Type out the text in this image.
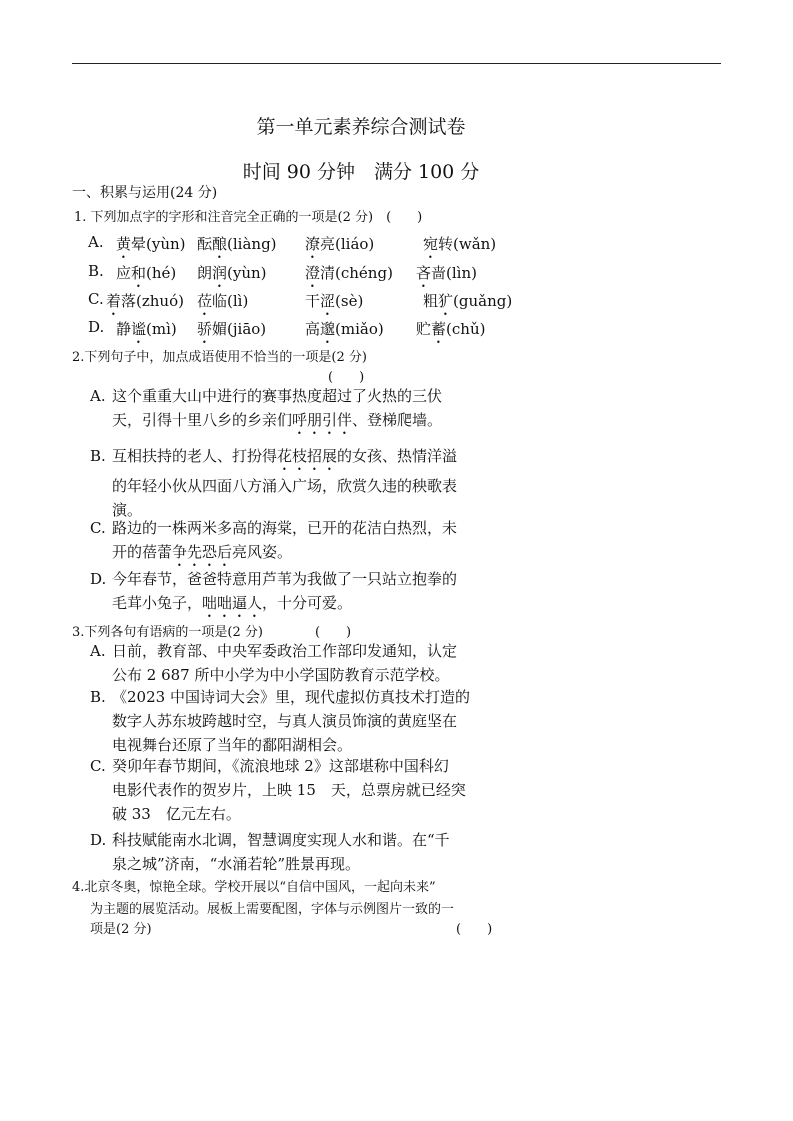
第一单元素养综合测试卷
时间 90 分钟　满分 100 分
一、积累与运用(24 分)
1. 下列加点字的字形和注音完全正确的一项是(2 分)　(　　)
A. 黄晕(yùn) 酝酿(liàng) 潦亮(liáo)	宛转(wǎn)
B. 应和(hé) 朗润(yùn)	澄清(chéng) 吝啬(lìn)
C. 着落(zhuó) 莅临(lì)	干涩(sè)	粗犷(guǎng)
D. 静谧(mì) 骄媚(jiāo)	高邈(miǎo) 贮蓄(chǔ)
2.下列句子中，加点成语使用不恰当的一项是(2 分)
(　　)
A. 这个重重大山中进行的赛事热度超过了火热的三伏
天，引得十里八乡的乡亲们呼朋引伴、登梯爬墙。
B. 互相扶持的老人、打扮得花枝招展的女孩、热情洋溢
的年轻小伙从四面八方涌入广场，欣赏久违的秧歌表
演。
C. 路边的一株两米多高的海棠，已开的花洁白热烈，未
开的蓓蕾争先恐后亮风姿。
D. 今年春节，爸爸特意用芦苇为我做了一只站立抱拳的
毛茸小兔子，咄咄逼人，十分可爱。
3.下列各句有语病的一项是(2 分)　　　　(　　)
A. 日前，教育部、中央军委政治工作部印发通知，认定
公布 2 687 所中小学为中小学国防教育示范学校。
B. 《2023 中国诗词大会》里，现代虚拟仿真技术打造的
数字人苏东坡跨越时空，与真人演员饰演的黄庭坚在
电视舞台还原了当年的鄱阳湖相会。
C. 癸卯年春节期间，《流浪地球 2》这部堪称中国科幻
电影代表作的贺岁片，上映 15　天，总票房就已经突
破 33　亿元左右。
D. 科技赋能南水北调，智慧调度实现人水和谐。在“千
泉之城”济南，“水涌若轮”胜景再现。
4.北京冬奥，惊艳全球。学校开展以“自信中国风，一起向未来”
为主题的展览活动。展板上需要配图，字体与示例图片一致的一
项是(2 分)	(　　)
